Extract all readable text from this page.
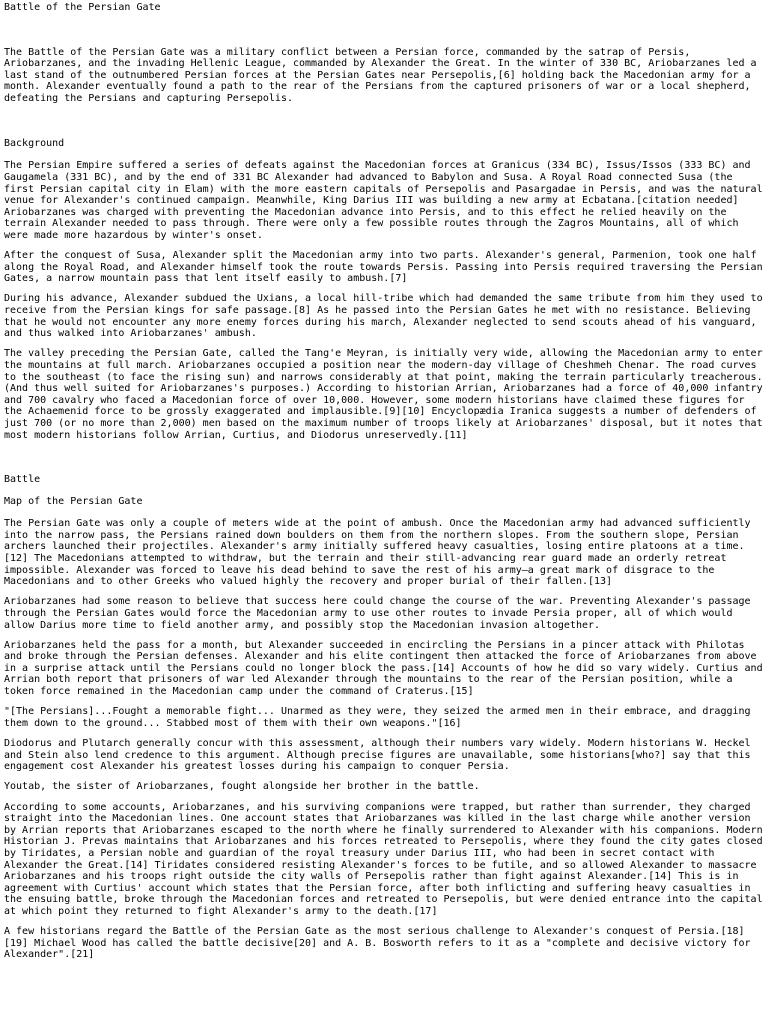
Battle of the Persian Gate

The Battle of the Persian Gate was a military conflict between a Persian force, commanded by the satrap of Persis, Ariobarzanes, and the invading Hellenic League, commanded by Alexander the Great. In the winter of 330 BC, Ariobarzanes led a last stand of the outnumbered Persian forces at the Persian Gates near Persepolis,[6] holding back the Macedonian army for a month. Alexander eventually found a path to the rear of the Persians from the captured prisoners of war or a local shepherd, defeating the Persians and capturing Persepolis.

Background

The Persian Empire suffered a series of defeats against the Macedonian forces at Granicus (334 BC), Issus/Issos (333 BC) and Gaugamela (331 BC), and by the end of 331 BC Alexander had advanced to Babylon and Susa. A Royal Road connected Susa (the first Persian capital city in Elam) with the more eastern capitals of Persepolis and Pasargadae in Persis, and was the natural venue for Alexander's continued campaign. Meanwhile, King Darius III was building a new army at Ecbatana.[citation needed] Ariobarzanes was charged with preventing the Macedonian advance into Persis, and to this effect he relied heavily on the terrain Alexander needed to pass through. There were only a few possible routes through the Zagros Mountains, all of which were made more hazardous by winter's onset.

After the conquest of Susa, Alexander split the Macedonian army into two parts. Alexander's general, Parmenion, took one half along the Royal Road, and Alexander himself took the route towards Persis. Passing into Persis required traversing the Persian Gates, a narrow mountain pass that lent itself easily to ambush.[7]

During his advance, Alexander subdued the Uxians, a local hill-tribe which had demanded the same tribute from him they used to receive from the Persian kings for safe passage.[8] As he passed into the Persian Gates he met with no resistance. Believing that he would not encounter any more enemy forces during his march, Alexander neglected to send scouts ahead of his vanguard, and thus walked into Ariobarzanes' ambush.

The valley preceding the Persian Gate, called the Tang'e Meyran, is initially very wide, allowing the Macedonian army to enter the mountains at full march. Ariobarzanes occupied a position near the modern-day village of Cheshmeh Chenar. The road curves to the southeast (to face the rising sun) and narrows considerably at that point, making the terrain particularly treacherous. (And thus well suited for Ariobarzanes's purposes.) According to historian Arrian, Ariobarzanes had a force of 40,000 infantry and 700 cavalry who faced a Macedonian force of over 10,000. However, some modern historians have claimed these figures for the Achaemenid force to be grossly exaggerated and implausible.[9][10] Encyclopædia Iranica suggests a number of defenders of just 700 (or no more than 2,000) men based on the maximum number of troops likely at Ariobarzanes' disposal, but it notes that most modern historians follow Arrian, Curtius, and Diodorus unreservedly.[11]

Battle
Map of the Persian Gate

The Persian Gate was only a couple of meters wide at the point of ambush. Once the Macedonian army had advanced sufficiently into the narrow pass, the Persians rained down boulders on them from the northern slopes. From the southern slope, Persian archers launched their projectiles. Alexander's army initially suffered heavy casualties, losing entire platoons at a time.[12] The Macedonians attempted to withdraw, but the terrain and their still-advancing rear guard made an orderly retreat impossible. Alexander was forced to leave his dead behind to save the rest of his army—a great mark of disgrace to the Macedonians and to other Greeks who valued highly the recovery and proper burial of their fallen.[13]

Ariobarzanes had some reason to believe that success here could change the course of the war. Preventing Alexander's passage through the Persian Gates would force the Macedonian army to use other routes to invade Persia proper, all of which would allow Darius more time to field another army, and possibly stop the Macedonian invasion altogether.

Ariobarzanes held the pass for a month, but Alexander succeeded in encircling the Persians in a pincer attack with Philotas and broke through the Persian defenses. Alexander and his elite contingent then attacked the force of Ariobarzanes from above in a surprise attack until the Persians could no longer block the pass.[14] Accounts of how he did so vary widely. Curtius and Arrian both report that prisoners of war led Alexander through the mountains to the rear of the Persian position, while a token force remained in the Macedonian camp under the command of Craterus.[15]

"[The Persians]...Fought a memorable fight... Unarmed as they were, they seized the armed men in their embrace, and dragging them down to the ground... Stabbed most of them with their own weapons."[16]

Diodorus and Plutarch generally concur with this assessment, although their numbers vary widely. Modern historians W. Heckel and Stein also lend credence to this argument. Although precise figures are unavailable, some historians[who?] say that this engagement cost Alexander his greatest losses during his campaign to conquer Persia.

Youtab, the sister of Ariobarzanes, fought alongside her brother in the battle.

According to some accounts, Ariobarzanes, and his surviving companions were trapped, but rather than surrender, they charged straight into the Macedonian lines. One account states that Ariobarzanes was killed in the last charge while another version by Arrian reports that Ariobarzanes escaped to the north where he finally surrendered to Alexander with his companions. Modern Historian J. Prevas maintains that Ariobarzanes and his forces retreated to Persepolis, where they found the city gates closed by Tiridates, a Persian noble and guardian of the royal treasury under Darius III, who had been in secret contact with Alexander the Great.[14] Tiridates considered resisting Alexander's forces to be futile, and so allowed Alexander to massacre Ariobarzanes and his troops right outside the city walls of Persepolis rather than fight against Alexander.[14] This is in agreement with Curtius' account which states that the Persian force, after both inflicting and suffering heavy casualties in the ensuing battle, broke through the Macedonian forces and retreated to Persepolis, but were denied entrance into the capital at which point they returned to fight Alexander's army to the death.[17]

A few historians regard the Battle of the Persian Gate as the most serious challenge to Alexander's conquest of Persia.[18][19] Michael Wood has called the battle decisive[20] and A. B. Bosworth refers to it as a "complete and decisive victory for Alexander".[21]
